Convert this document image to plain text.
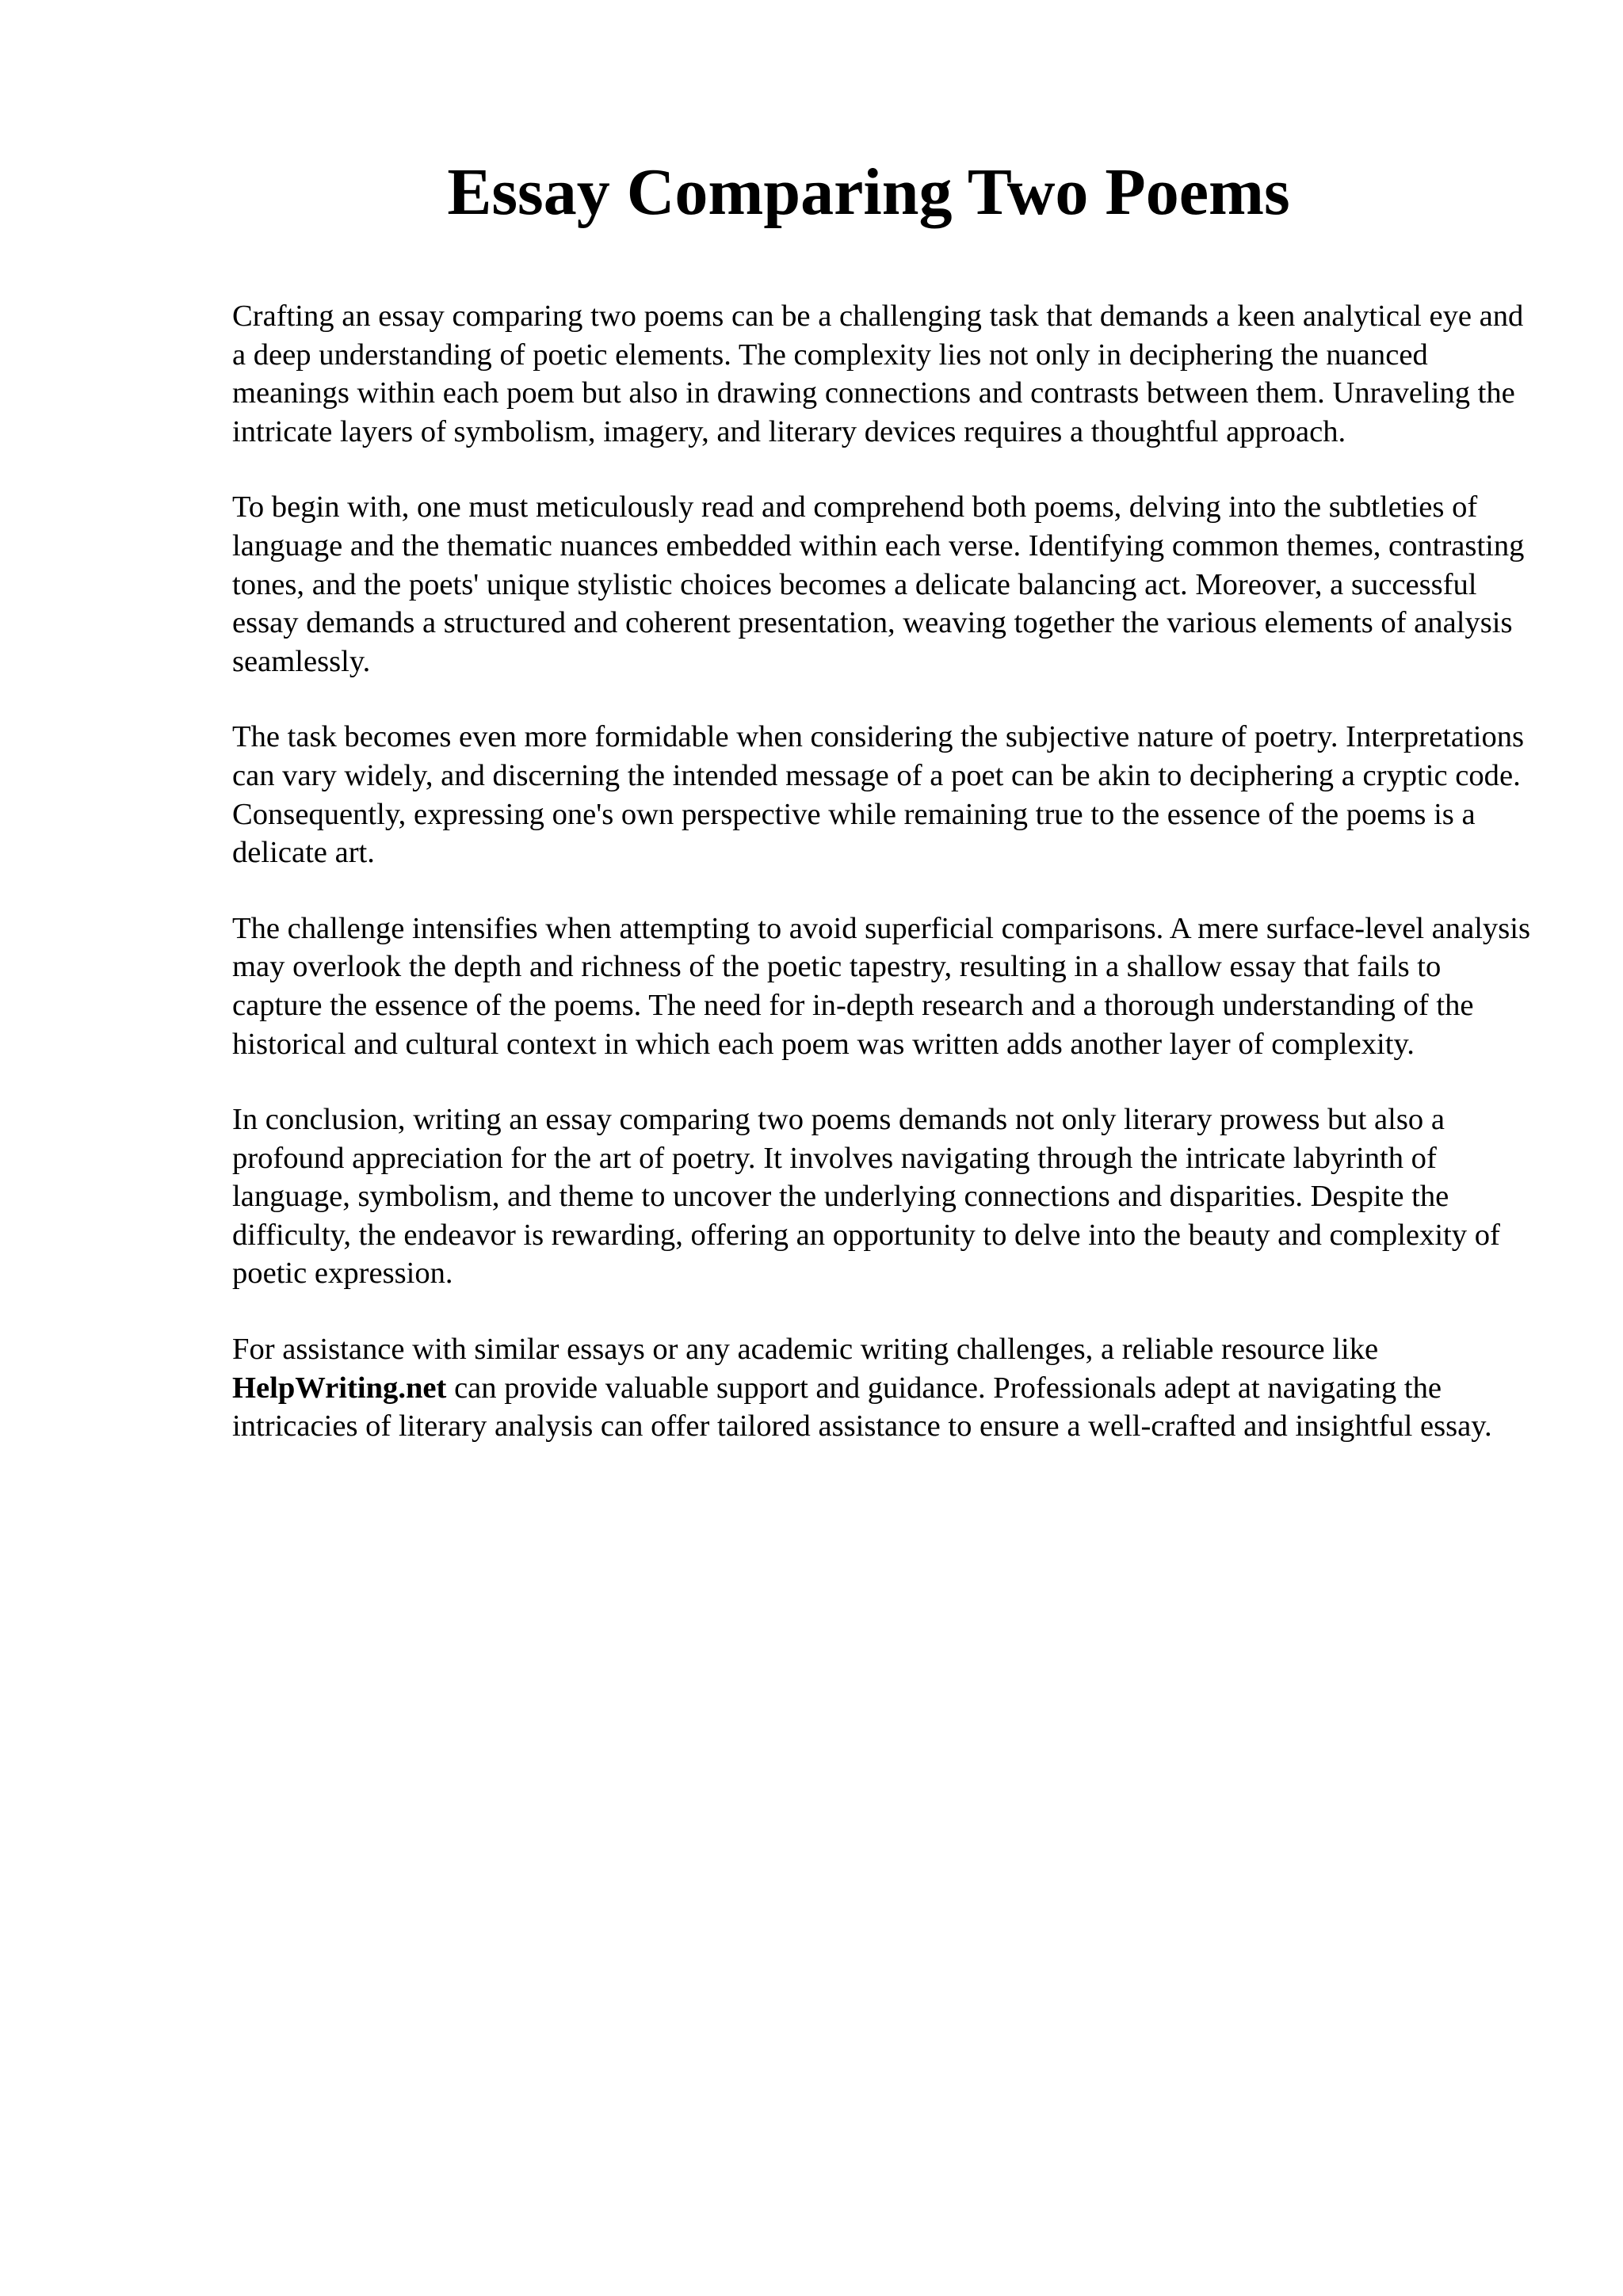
Essay Comparing Two Poems

Crafting an essay comparing two poems can be a challenging task that demands a keen analytical eye and a deep understanding of poetic elements. The complexity lies not only in deciphering the nuanced meanings within each poem but also in drawing connections and contrasts between them. Unraveling the intricate layers of symbolism, imagery, and literary devices requires a thoughtful approach.

To begin with, one must meticulously read and comprehend both poems, delving into the subtleties of language and the thematic nuances embedded within each verse. Identifying common themes, contrasting tones, and the poets' unique stylistic choices becomes a delicate balancing act. Moreover, a successful essay demands a structured and coherent presentation, weaving together the various elements of analysis seamlessly.

The task becomes even more formidable when considering the subjective nature of poetry. Interpretations can vary widely, and discerning the intended message of a poet can be akin to deciphering a cryptic code. Consequently, expressing one's own perspective while remaining true to the essence of the poems is a delicate art.

The challenge intensifies when attempting to avoid superficial comparisons. A mere surface-level analysis may overlook the depth and richness of the poetic tapestry, resulting in a shallow essay that fails to capture the essence of the poems. The need for in-depth research and a thorough understanding of the historical and cultural context in which each poem was written adds another layer of complexity.

In conclusion, writing an essay comparing two poems demands not only literary prowess but also a profound appreciation for the art of poetry. It involves navigating through the intricate labyrinth of language, symbolism, and theme to uncover the underlying connections and disparities. Despite the difficulty, the endeavor is rewarding, offering an opportunity to delve into the beauty and complexity of poetic expression.

For assistance with similar essays or any academic writing challenges, a reliable resource like HelpWriting.net can provide valuable support and guidance. Professionals adept at navigating the intricacies of literary analysis can offer tailored assistance to ensure a well-crafted and insightful essay.
